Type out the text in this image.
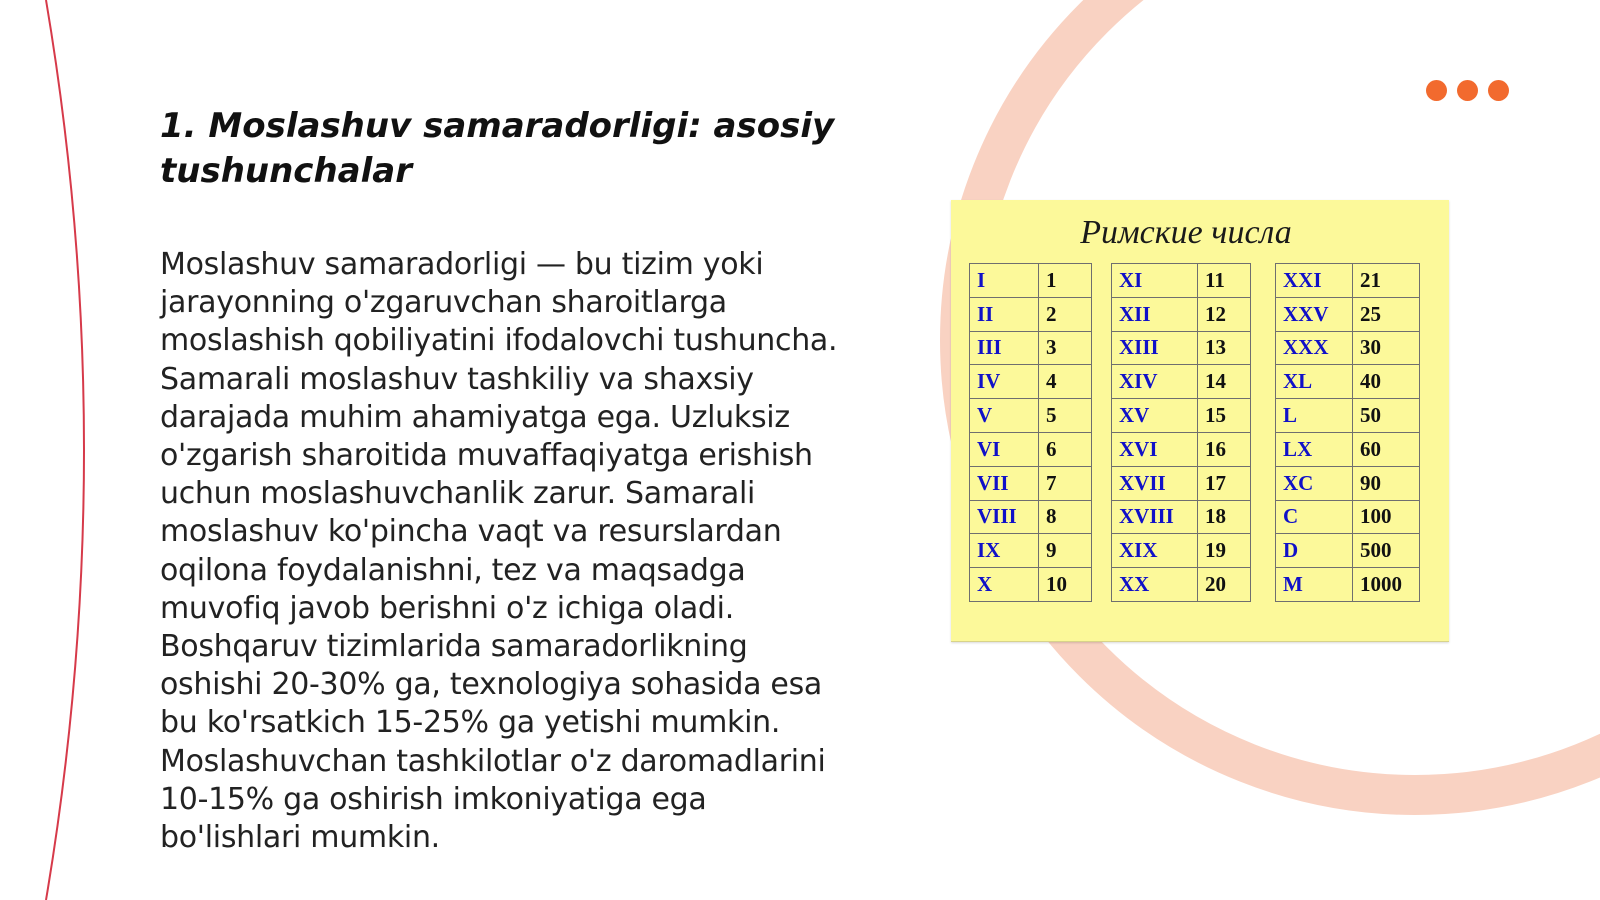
1. Moslashuv samaradorligi: asosiy tushunchalar

Moslashuv samaradorligi — bu tizim yoki jarayonning o'zgaruvchan sharoitlarga moslashish qobiliyatini ifodalovchi tushuncha. Samarali moslashuv tashkiliy va shaxsiy darajada muhim ahamiyatga ega. Uzluksiz o'zgarish sharoitida muvaffaqiyatga erishish uchun moslashuvchanlik zarur. Samarali moslashuv ko'pincha vaqt va resurslardan oqilona foydalanishni, tez va maqsadga muvofiq javob berishni o'z ichiga oladi. Boshqaruv tizimlarida samaradorlikning oshishi 20-30% ga, texnologiya sohasida esa bu ko'rsatkich 15-25% ga yetishi mumkin. Moslashuvchan tashkilotlar o'z daromadlarini 10-15% ga oshirish imkoniyatiga ega bo'lishlari mumkin.

Римские числа
I	1
II	2
III	3
IV	4
V	5
VI	6
VII	7
VIII	8
IX	9
X	10
XI	11
XII	12
XIII	13
XIV	14
XV	15
XVI	16
XVII	17
XVIII	18
XIX	19
XX	20
XXI	21
XXV	25
XXX	30
XL	40
L	50
LX	60
XC	90
C	100
D	500
M	1000
